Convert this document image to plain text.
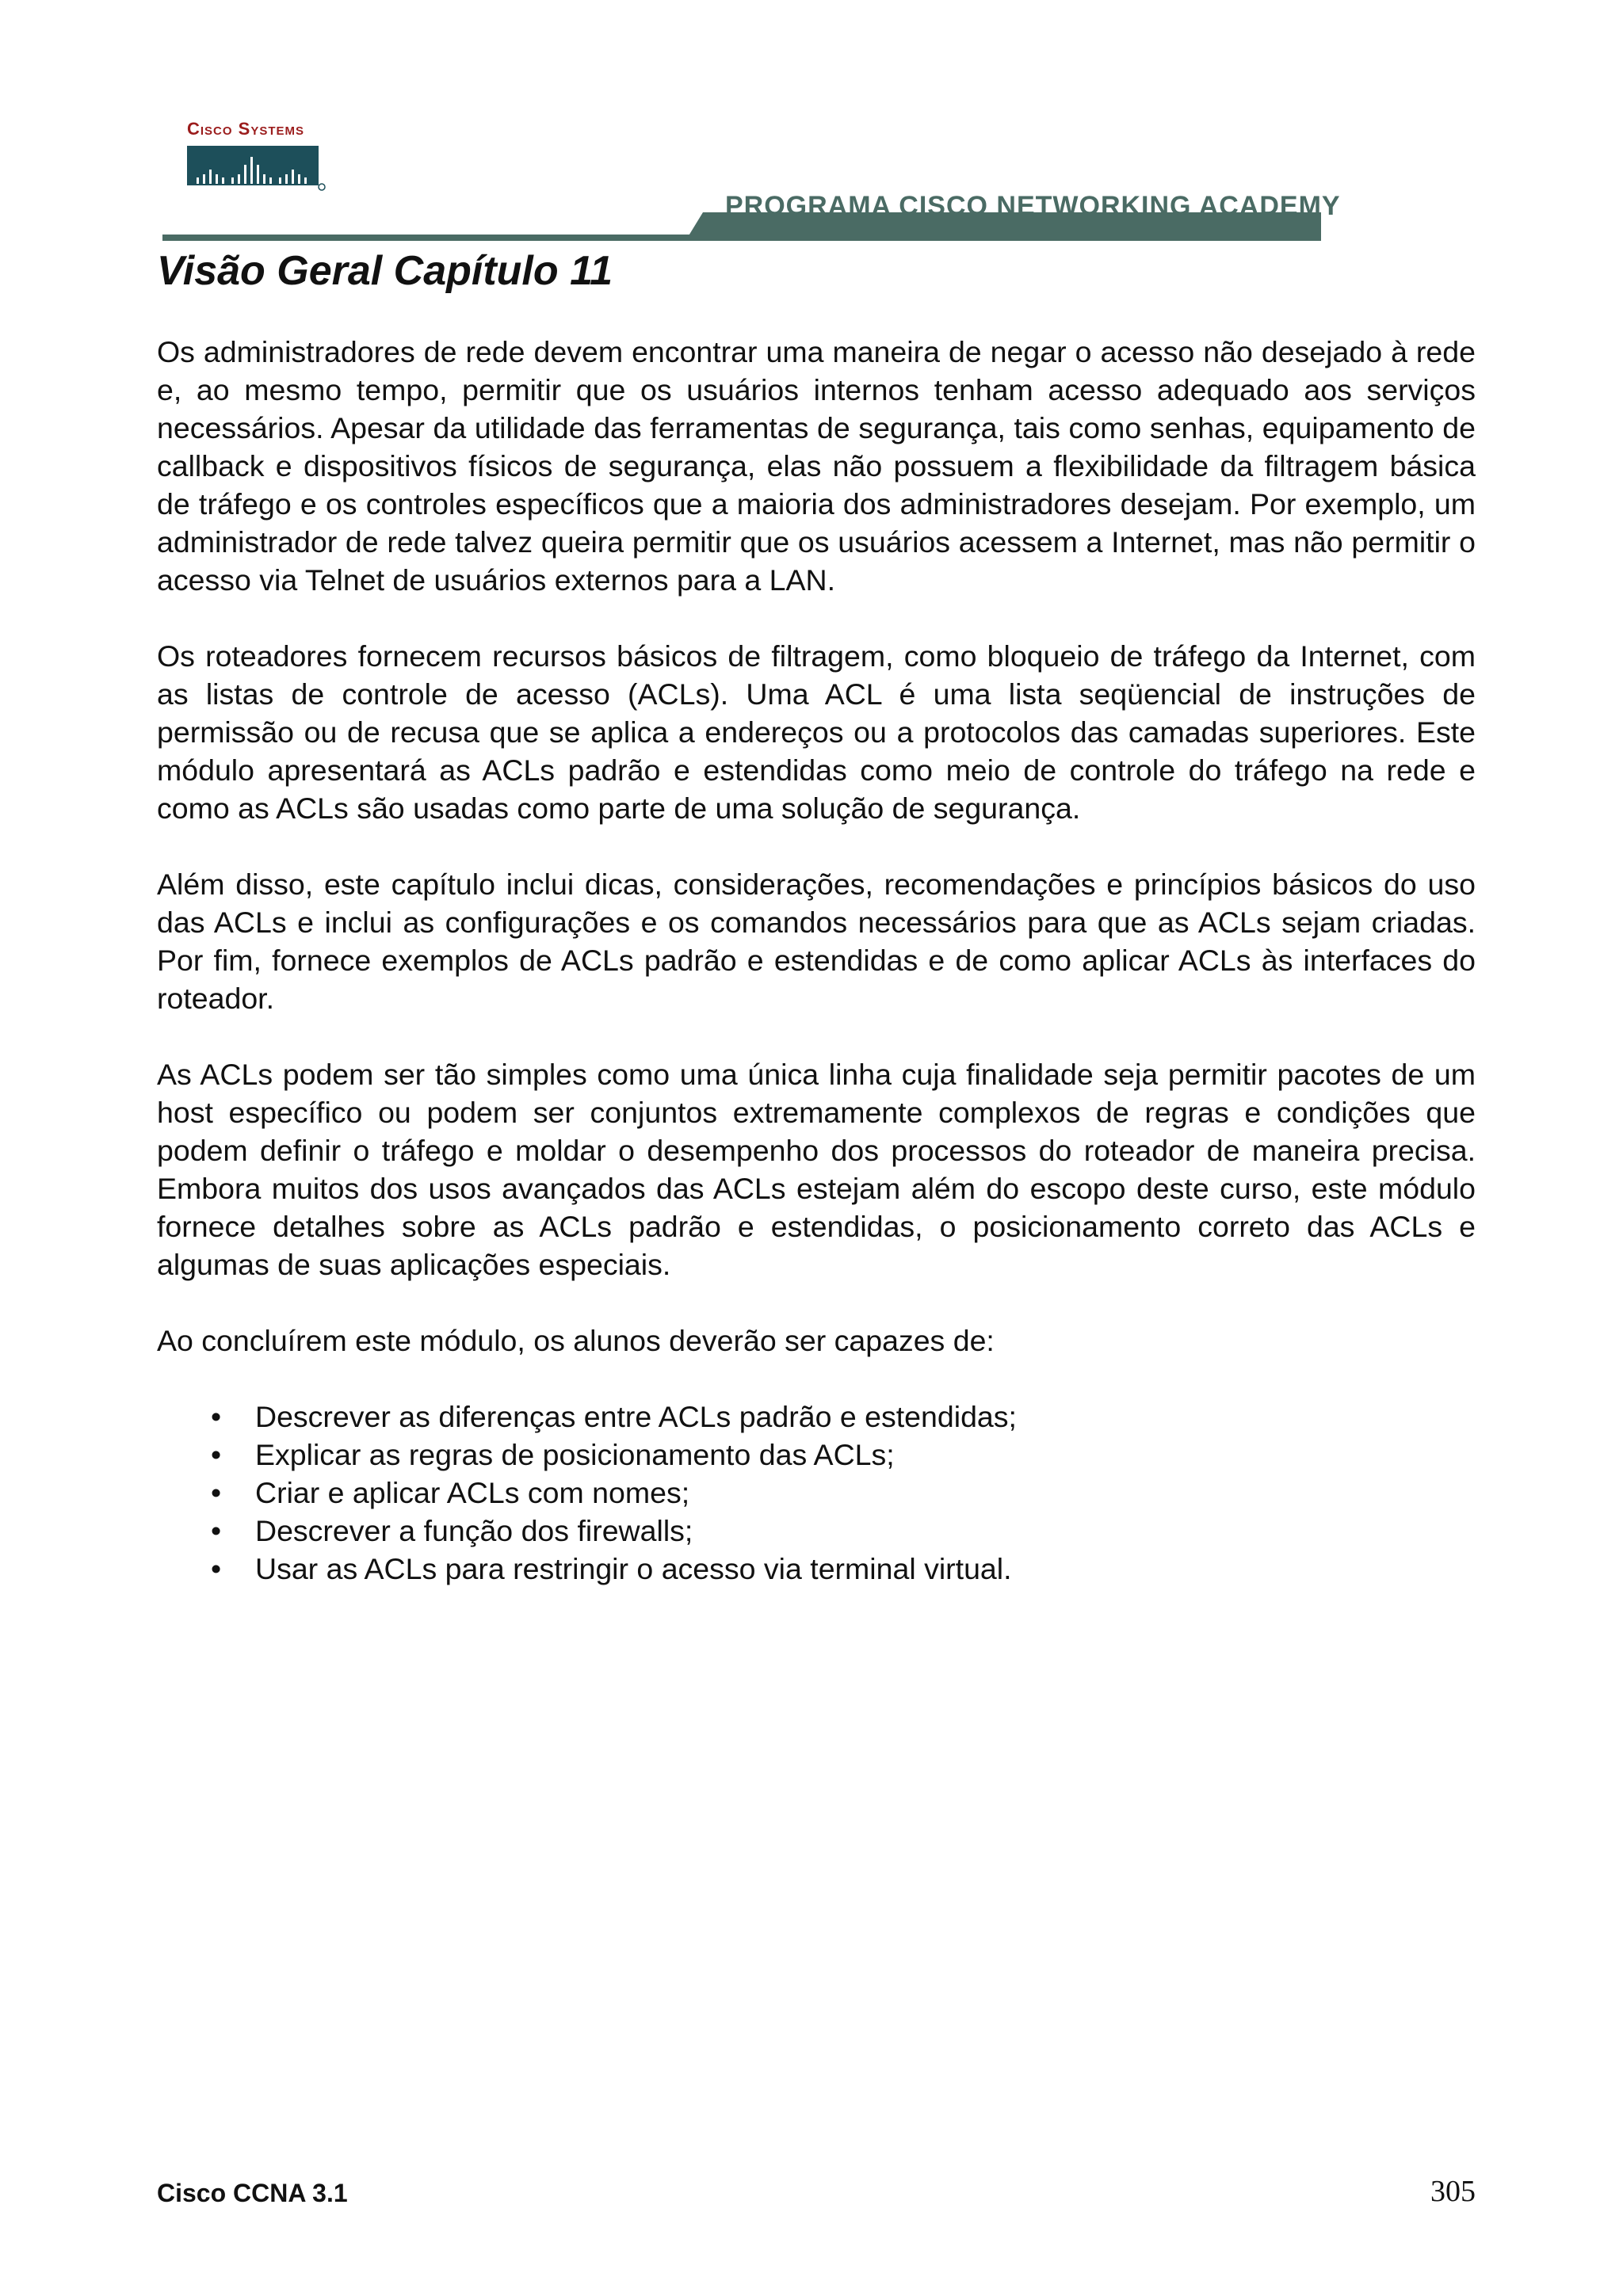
Cisco Systems
PROGRAMA CISCO NETWORKING ACADEMY
Visão Geral Capítulo 11

Os administradores de rede devem encontrar uma maneira de negar o acesso não desejado à rede e, ao mesmo tempo, permitir que os usuários internos tenham acesso adequado aos serviços necessários. Apesar da utilidade das ferramentas de segurança, tais como senhas, equipamento de callback e dispositivos físicos de segurança, elas não possuem a flexibilidade da filtragem básica de tráfego e os controles específicos que a maioria dos administradores desejam. Por exemplo, um administrador de rede talvez queira permitir que os usuários acessem a Internet, mas não permitir o acesso via Telnet de usuários externos para a LAN.

Os roteadores fornecem recursos básicos de filtragem, como bloqueio de tráfego da Internet, com as listas de controle de acesso (ACLs). Uma ACL é uma lista seqüencial de instruções de permissão ou de recusa que se aplica a endereços ou a protocolos das camadas superiores. Este módulo apresentará as ACLs padrão e estendidas como meio de controle do tráfego na rede e como as ACLs são usadas como parte de uma solução de segurança.

Além disso, este capítulo inclui dicas, considerações, recomendações e princípios básicos do uso das ACLs e inclui as configurações e os comandos necessários para que as ACLs sejam criadas. Por fim, fornece exemplos de ACLs padrão e estendidas e de como aplicar ACLs às interfaces do roteador.

As ACLs podem ser tão simples como uma única linha cuja finalidade seja permitir pacotes de um host específico ou podem ser conjuntos extremamente complexos de regras e condições que podem definir o tráfego e moldar o desempenho dos processos do roteador de maneira precisa. Embora muitos dos usos avançados das ACLs estejam além do escopo deste curso, este módulo fornece detalhes sobre as ACLs padrão e estendidas, o posicionamento correto das ACLs e algumas de suas aplicações especiais.

Ao concluírem este módulo, os alunos deverão ser capazes de:

• Descrever as diferenças entre ACLs padrão e estendidas;
• Explicar as regras de posicionamento das ACLs;
• Criar e aplicar ACLs com nomes;
• Descrever a função dos firewalls;
• Usar as ACLs para restringir o acesso via terminal virtual.
Cisco CCNA 3.1	305
